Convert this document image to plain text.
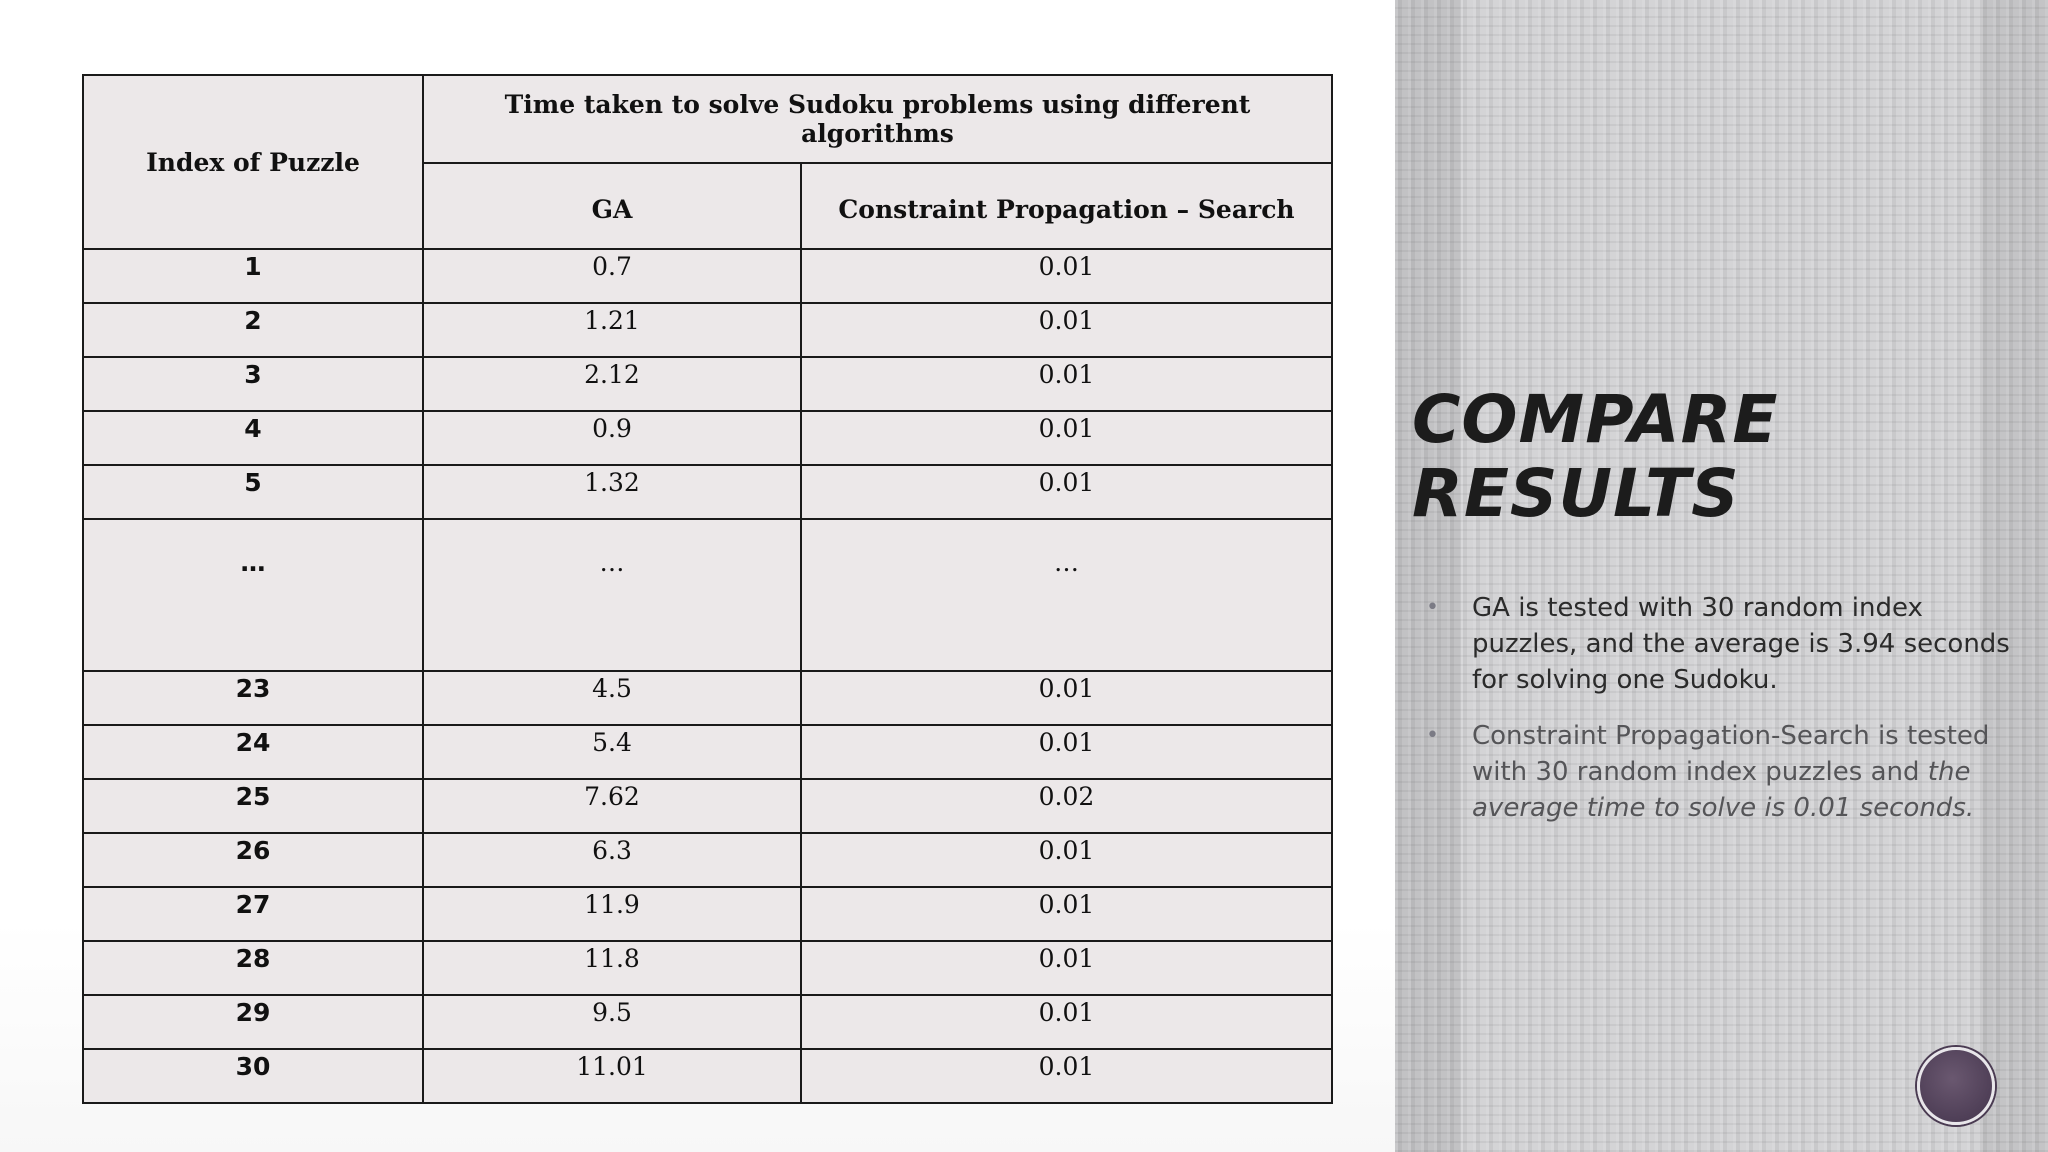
Index of Puzzle	Time taken to solve Sudoku problems using different algorithms	
	GA	Constraint Propagation – Search
1	0.7	0.01
2	1.21	0.01
3	2.12	0.01
4	0.9	0.01
5	1.32	0.01
…	…	…
23	4.5	0.01
24	5.4	0.01
25	7.62	0.02
26	6.3	0.01
27	11.9	0.01
28	11.8	0.01
29	9.5	0.01
30	11.01	0.01
COMPARE RESULTS
• GA is tested with 30 random index puzzles, and the average is 3.94 seconds for solving one Sudoku.
• Constraint Propagation-Search is tested with 30 random index puzzles and the average time to solve is 0.01 seconds.
